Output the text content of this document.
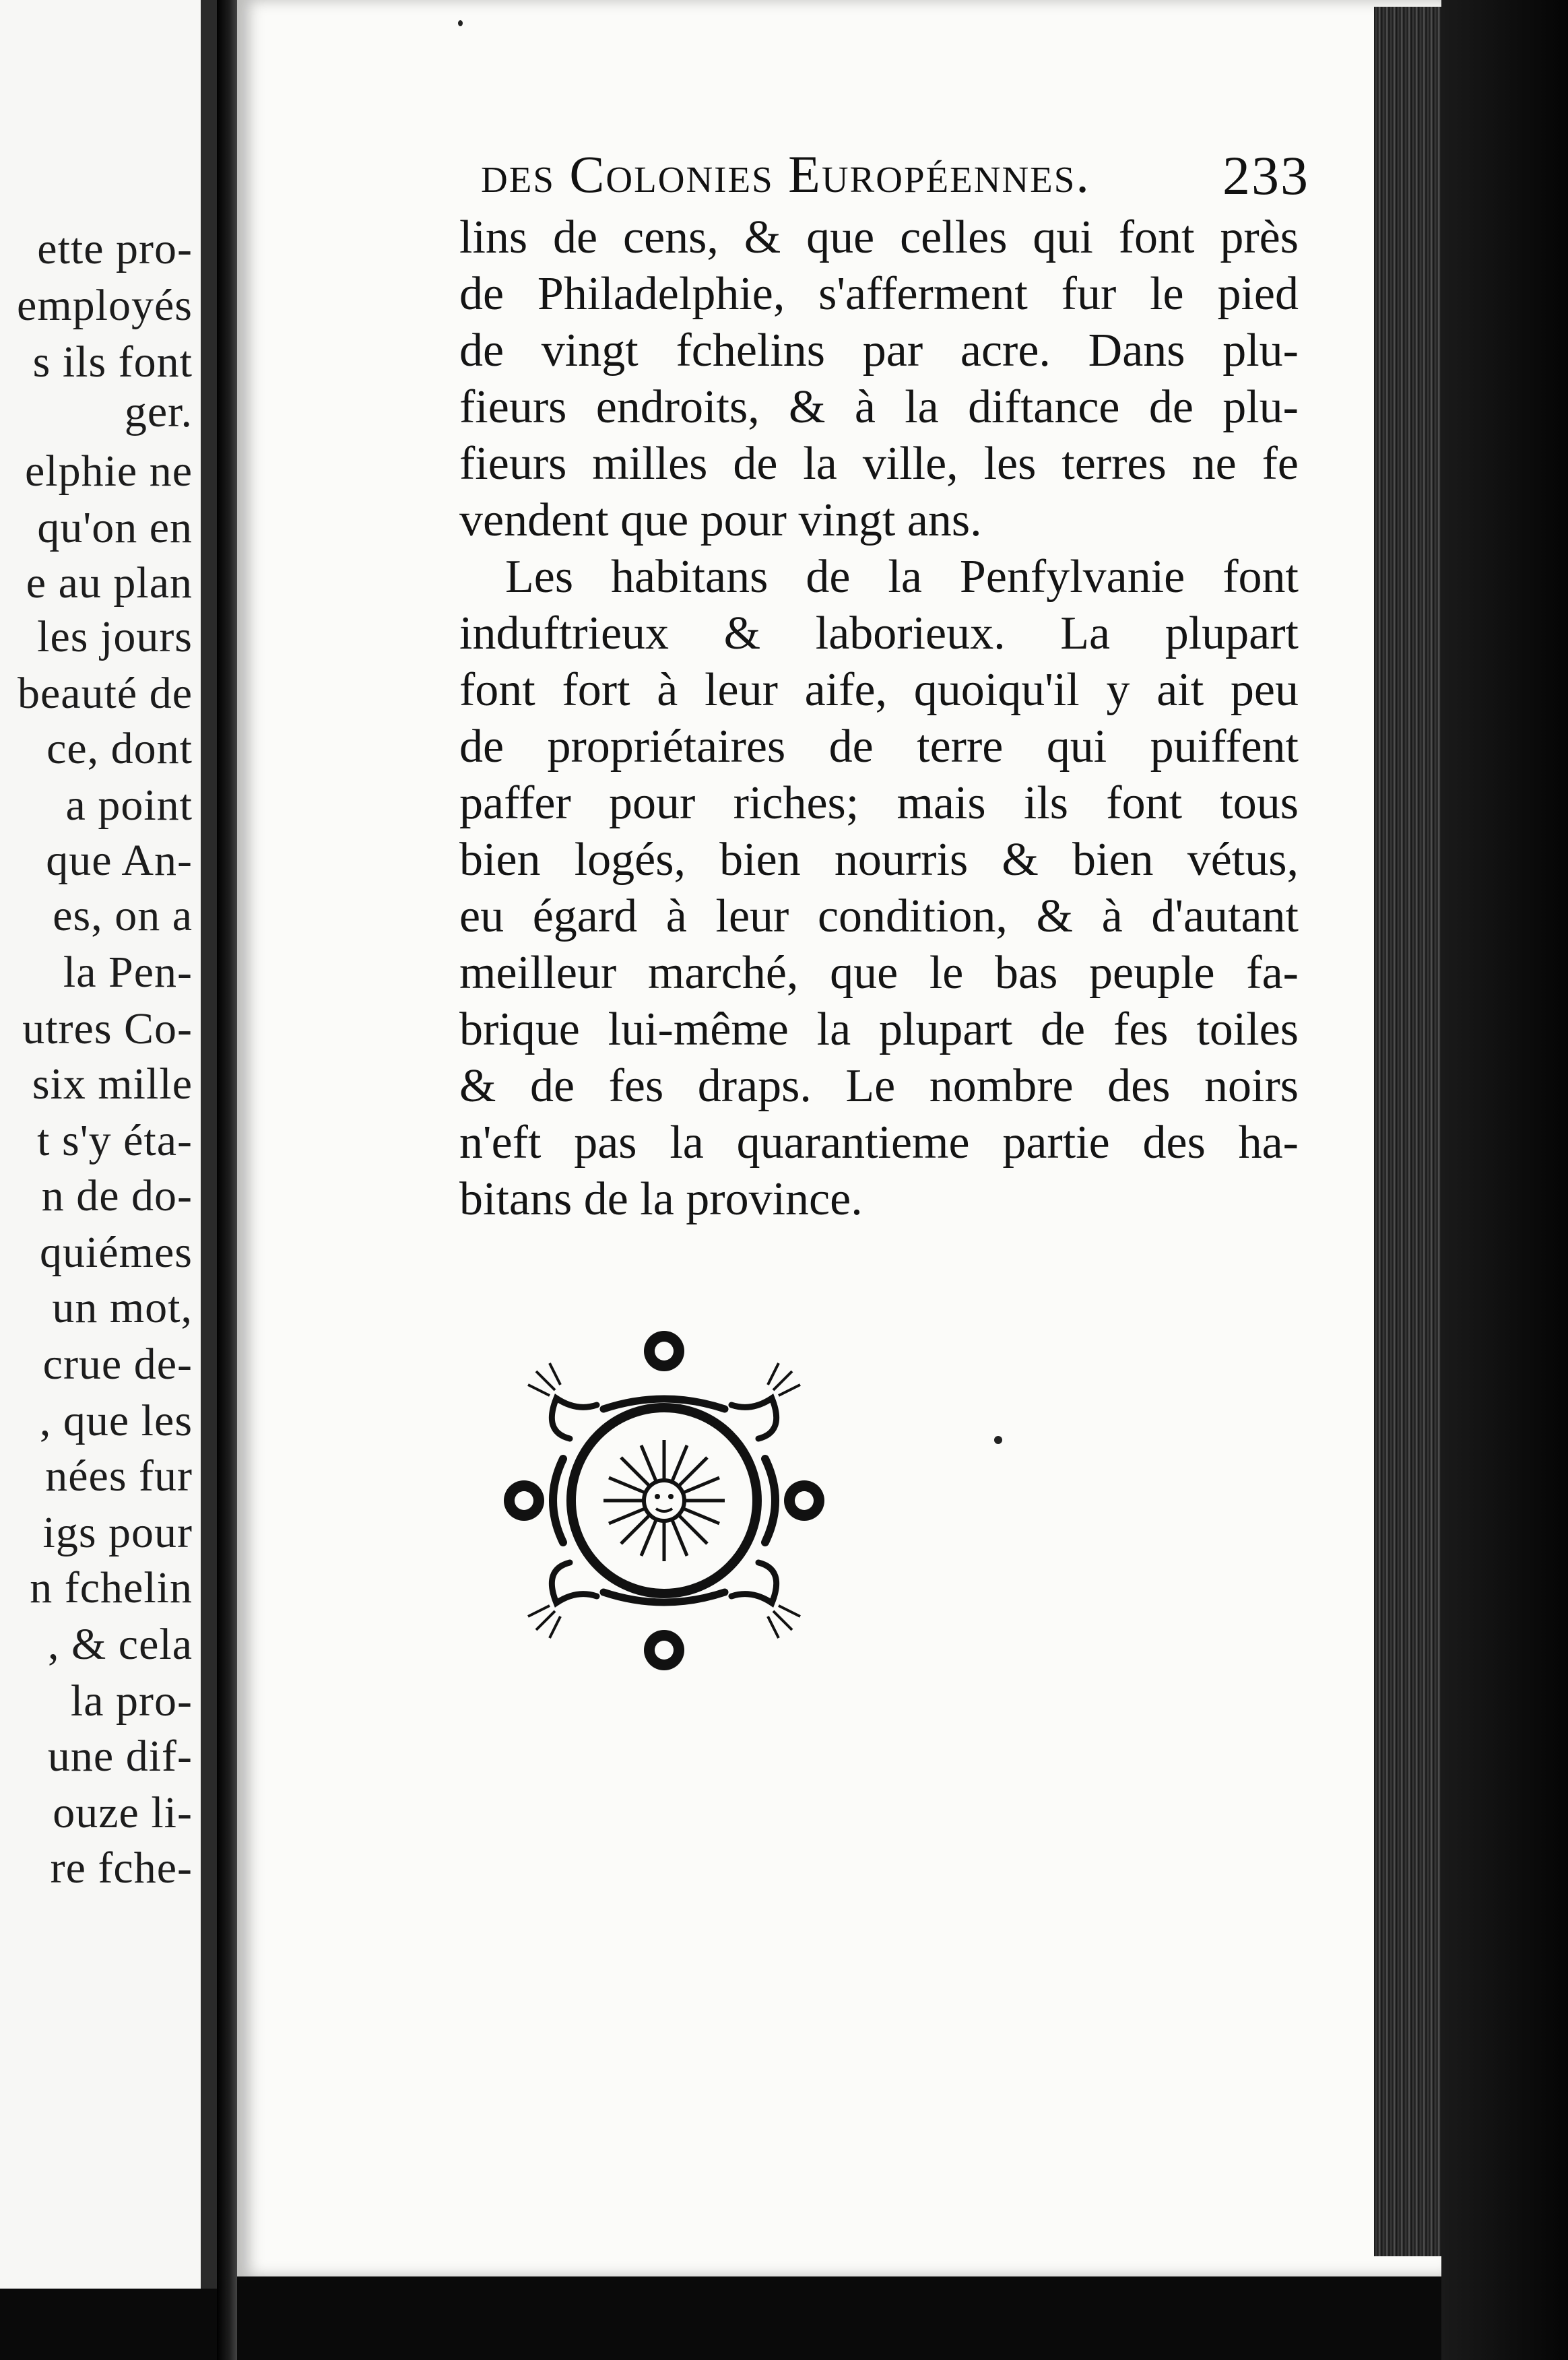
ette pro-
employés
s ils font
ger.
elphie ne
qu'on en
e au plan
les jours
beauté de
ce, dont
a point
que An-
es, on a
la Pen-
utres Co-
six mille
t s'y éta-
n de do-
quiémes
un mot,
crue de-
, que les
nées fur
igs pour
n fchelin
, & cela
la pro-
une dif-
ouze li-
re fche-
des Colonies Européennes. 233
lins de cens, & que celles qui font près
de Philadelphie, s'afferment fur le pied
de vingt fchelins par acre. Dans plu-
fieurs endroits, & à la diftance de plu-
fieurs milles de la ville, les terres ne fe
vendent que pour vingt ans.
Les habitans de la Penfylvanie font
induftrieux & laborieux. La plupart
font fort à leur aife, quoiqu'il y ait peu
de propriétaires de terre qui puiffent
paffer pour riches; mais ils font tous
bien logés, bien nourris & bien vétus,
eu égard à leur condition, & à d'autant
meilleur marché, que le bas peuple fa-
brique lui-même la plupart de fes toiles
& de fes draps. Le nombre des noirs
n'eft pas la quarantieme partie des ha-
bitans de la province.
